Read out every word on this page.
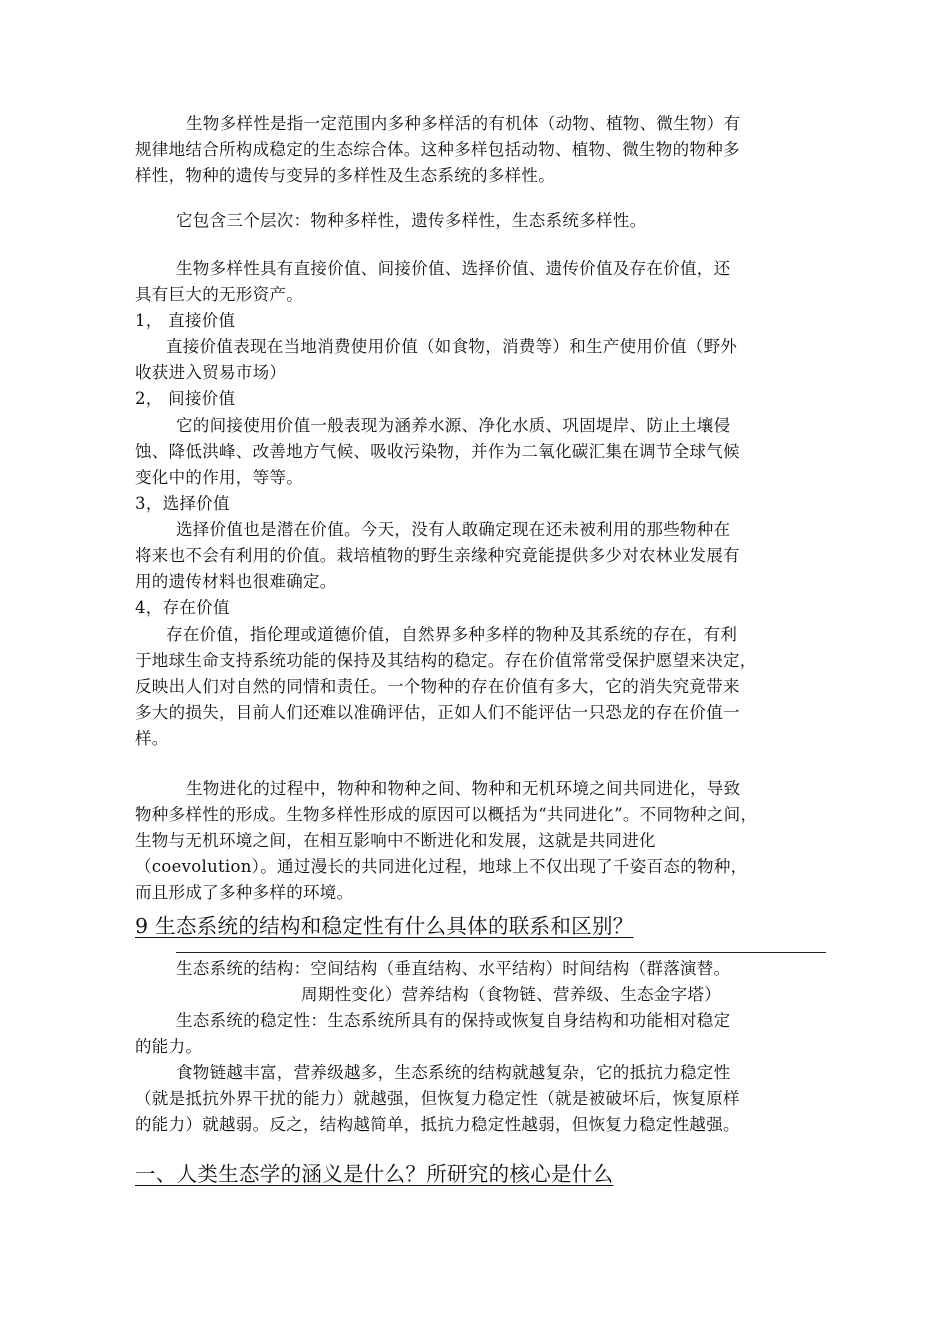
生物多样性是指一定范围内多种多样活的有机体（动物、植物、微生物）有
规律地结合所构成稳定的生态综合体。这种多样包括动物、植物、微生物的物种多
样性，物种的遗传与变异的多样性及生态系统的多样性。
它包含三个层次：物种多样性，遗传多样性，生态系统多样性。
生物多样性具有直接价值、间接价值、选择价值、遗传价值及存在价值，还
具有巨大的无形资产。
1， 直接价值
直接价值表现在当地消费使用价值（如食物，消费等）和生产使用价值（野外
收获进入贸易市场）
2， 间接价值
它的间接使用价值一般表现为涵养水源、净化水质、巩固堤岸、防止土壤侵
蚀、降低洪峰、改善地方气候、吸收污染物，并作为二氧化碳汇集在调节全球气候
变化中的作用，等等。
3，选择价值
选择价值也是潜在价值。今天，没有人敢确定现在还未被利用的那些物种在
将来也不会有利用的价值。栽培植物的野生亲缘种究竟能提供多少对农林业发展有
用的遗传材料也很难确定。
4，存在价值
存在价值，指伦理或道德价值，自然界多种多样的物种及其系统的存在，有利
于地球生命支持系统功能的保持及其结构的稳定。存在价值常常受保护愿望来决定，
反映出人们对自然的同情和责任。一个物种的存在价值有多大，它的消失究竟带来
多大的损失，目前人们还难以准确评估，正如人们不能评估一只恐龙的存在价值一
样。
生物进化的过程中，物种和物种之间、物种和无机环境之间共同进化，导致
物种多样性的形成。生物多样性形成的原因可以概括为“共同进化”。不同物种之间，
生物与无机环境之间，在相互影响中不断进化和发展，这就是共同进化
（coevolution）。通过漫长的共同进化过程，地球上不仅出现了千姿百态的物种，
而且形成了多种多样的环境。
9 生态系统的结构和稳定性有什么具体的联系和区别？
生态系统的结构：空间结构（垂直结构、水平结构）时间结构（群落演替。
周期性变化）营养结构（食物链、营养级、生态金字塔）
生态系统的稳定性：生态系统所具有的保持或恢复自身结构和功能相对稳定
的能力。
食物链越丰富，营养级越多，生态系统的结构就越复杂，它的抵抗力稳定性
（就是抵抗外界干扰的能力）就越强，但恢复力稳定性（就是被破坏后，恢复原样
的能力）就越弱。反之，结构越简单，抵抗力稳定性越弱，但恢复力稳定性越强。
一、人类生态学的涵义是什么？所研究的核心是什么
